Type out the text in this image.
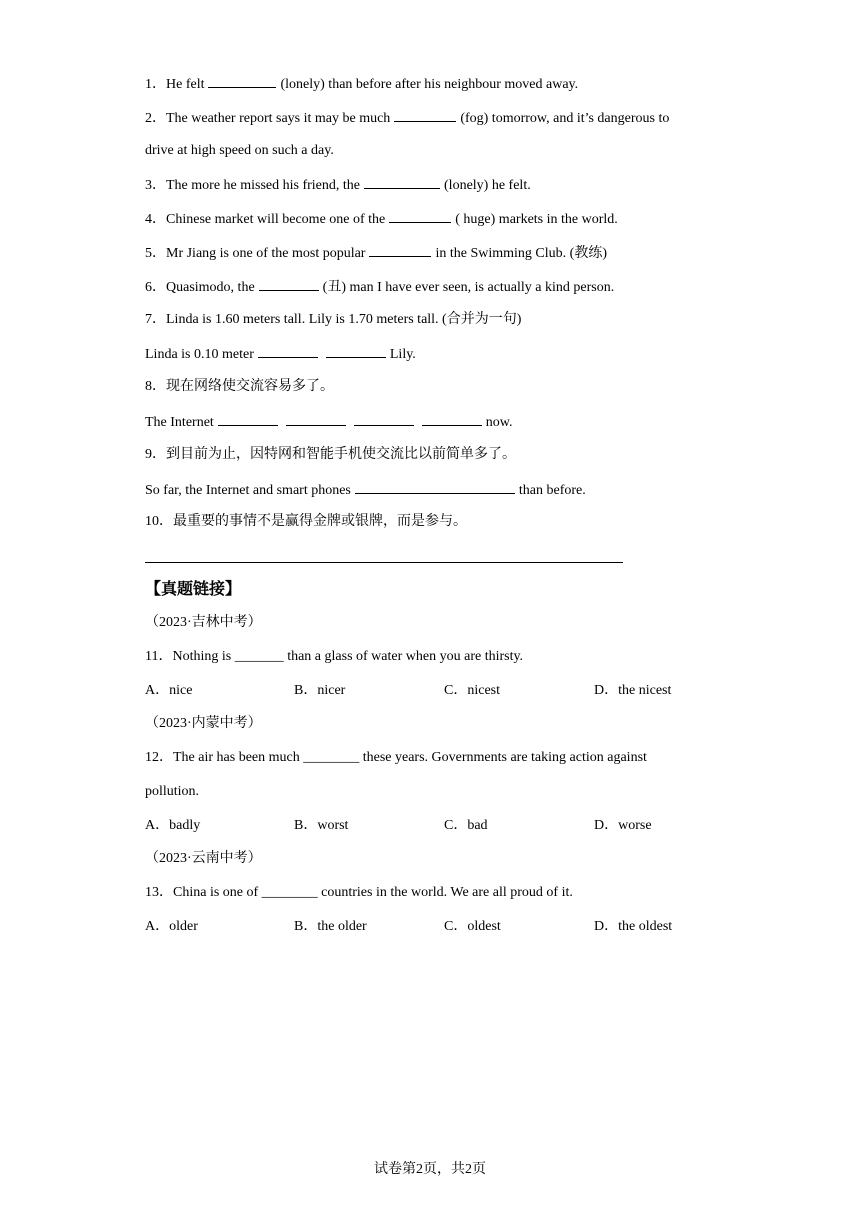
1．He felt	(lonely) than before after his neighbour moved away.
2．The weather report says it may be much	(fog) tomorrow, and it’s dangerous to
drive at high speed on such a day.
3．The more he missed his friend, the	(lonely) he felt.
4．Chinese market will become one of the	( huge) markets in the world.
5．Mr Jiang is one of the most popular	in the Swimming Club. (教练)
6．Quasimodo, the	(丑) man I have ever seen, is actually a kind person.
7．Linda is 1.60 meters tall. Lily is 1.70 meters tall. (合并为一句)
Linda is 0.10 meter	Lily.
8．现在网络使交流容易多了。
The Internet	now.
9．到目前为止，因特网和智能手机使交流比以前简单多了。
So far, the Internet and smart phones	than before.
10．最重要的事情不是赢得金牌或银牌，而是参与。
【真题链接】
（2023·吉林中考）
11．Nothing is _______ than a glass of water when you are thirsty.
A．nice	B．nicer	C．nicest	D．the nicest
（2023·内蒙中考）
12．The air has been much ________ these years. Governments are taking action against
pollution.
A．badly	B．worst	C．bad	D．worse
（2023·云南中考）
13．China is one of ________ countries in the world. We are all proud of it.
A．older	B．the older	C．oldest	D．the oldest
试卷第2页，共2页
